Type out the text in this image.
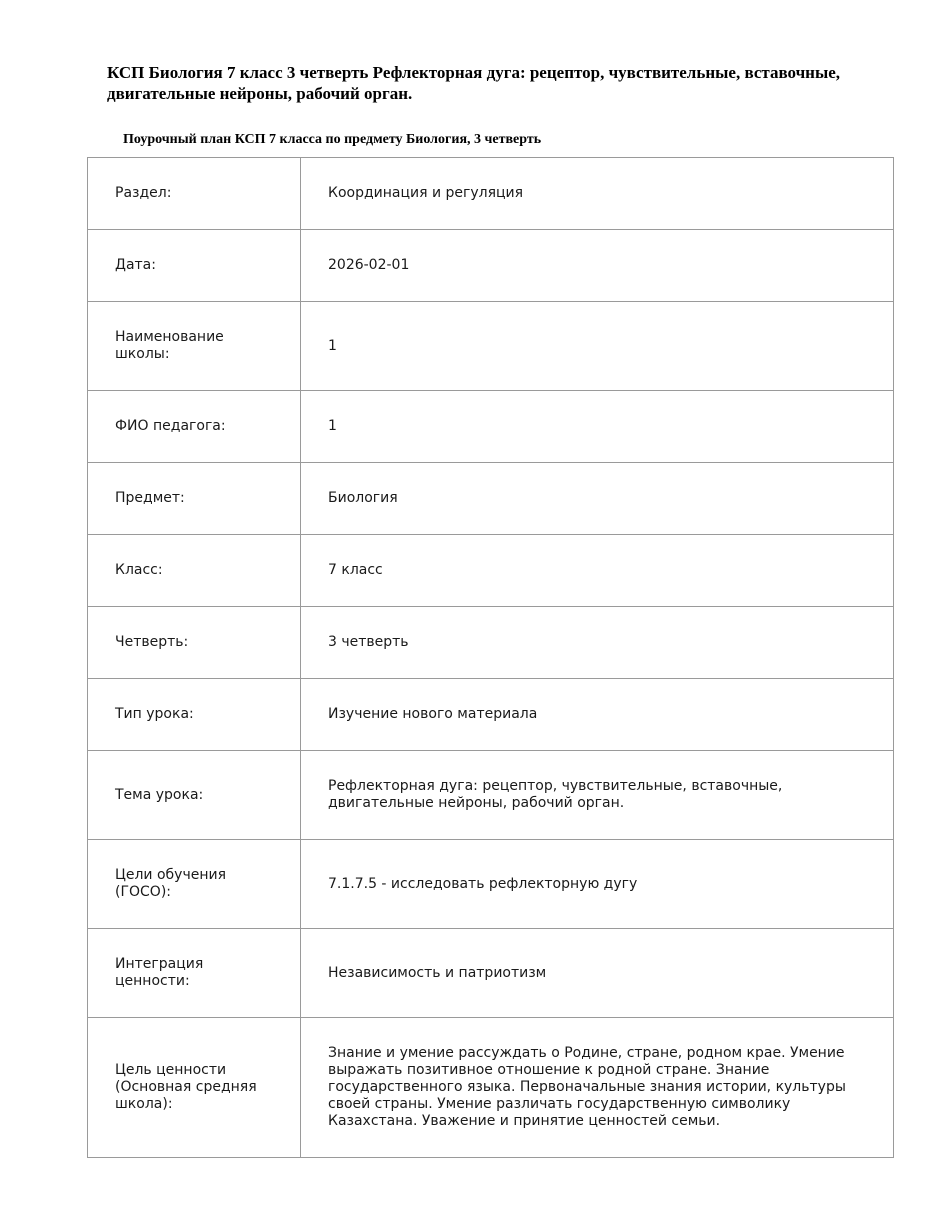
КСП Биология 7 класс 3 четверть Рефлекторная дуга: рецептор, чувствительные, вставочные, двигательные нейроны, рабочий орган.
Поурочный план КСП 7 класса по предмету Биология, 3 четверть
Раздел:	Координация и регуляция
Дата:	2026-02-01
Наименование школы:	1
ФИО педагога:	1
Предмет:	Биология
Класс:	7 класс
Четверть:	3 четверть
Тип урока:	Изучение нового материала
Тема урока:	Рефлекторная дуга: рецептор, чувствительные, вставочные, двигательные нейроны, рабочий орган.
Цели обучения (ГОСО):	7.1.7.5 - исследовать рефлекторную дугу
Интеграция ценности:	Независимость и патриотизм
Цель ценности (Основная средняя школа):	Знание и умение рассуждать о Родине, стране, родном крае. Умение выражать позитивное отношение к родной стране. Знание государственного языка. Первоначальные знания истории, культуры своей страны. Умение различать государственную символику Казахстана. Уважение и принятие ценностей семьи.
